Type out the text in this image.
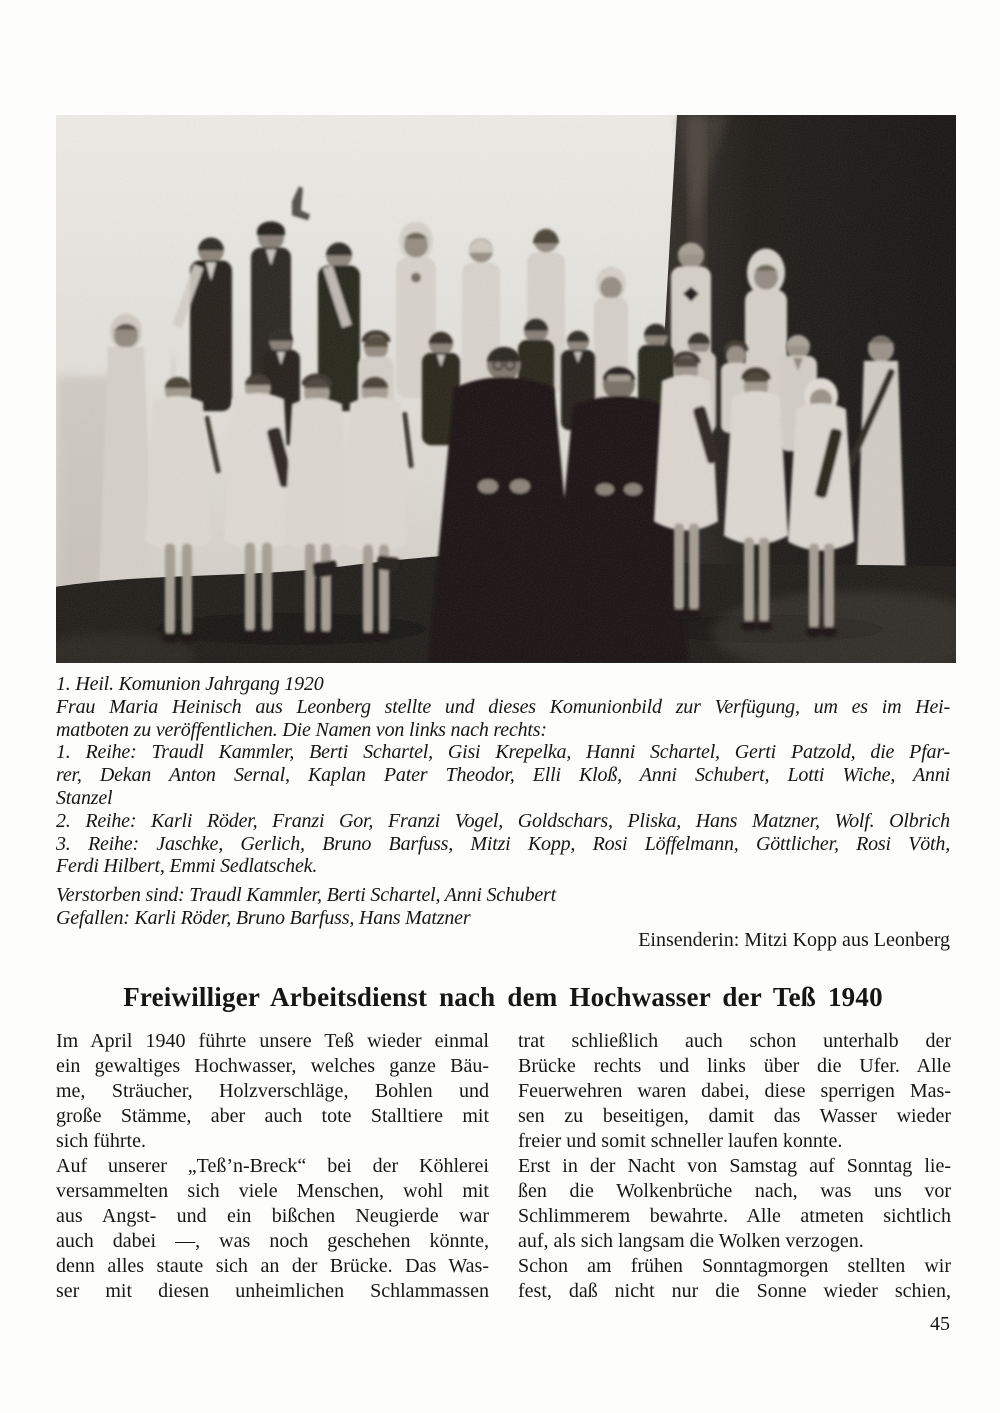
1. Heil. Komunion Jahrgang 1920
Frau Maria Heinisch aus Leonberg stellte und dieses Komunionbild zur Verfügung, um es im Hei-
matboten zu veröffentlichen. Die Namen von links nach rechts:
1. Reihe: Traudl Kammler, Berti Schartel, Gisi Krepelka, Hanni Schartel, Gerti Patzold, die Pfar-
rer, Dekan Anton Sernal, Kaplan Pater Theodor, Elli Kloß, Anni Schubert, Lotti Wiche, Anni
Stanzel
2. Reihe: Karli Röder, Franzi Gor, Franzi Vogel, Goldschars, Pliska, Hans Matzner, Wolf. Olbrich
3. Reihe: Jaschke, Gerlich, Bruno Barfuss, Mitzi Kopp, Rosi Löffelmann, Göttlicher, Rosi Vöth,
Ferdi Hilbert, Emmi Sedlatschek.
Verstorben sind: Traudl Kammler, Berti Schartel, Anni Schubert
Gefallen: Karli Röder, Bruno Barfuss, Hans Matzner
Einsenderin: Mitzi Kopp aus Leonberg
Freiwilliger Arbeitsdienst nach dem Hochwasser der Teß 1940
Im April 1940 führte unsere Teß wieder einmal
ein gewaltiges Hochwasser, welches ganze Bäu-
me, Sträucher, Holzverschläge, Bohlen und
große Stämme, aber auch tote Stalltiere mit
sich führte.
Auf unserer „Teß’n-Breck“ bei der Köhlerei
versammelten sich viele Menschen, wohl mit
aus Angst- und ein bißchen Neugierde war
auch dabei —, was noch geschehen könnte,
denn alles staute sich an der Brücke. Das Was-
ser mit diesen unheimlichen Schlammassen
trat schließlich auch schon unterhalb der
Brücke rechts und links über die Ufer. Alle
Feuerwehren waren dabei, diese sperrigen Mas-
sen zu beseitigen, damit das Wasser wieder
freier und somit schneller laufen konnte.
Erst in der Nacht von Samstag auf Sonntag lie-
ßen die Wolkenbrüche nach, was uns vor
Schlimmerem bewahrte. Alle atmeten sichtlich
auf, als sich langsam die Wolken verzogen.
Schon am frühen Sonntagmorgen stellten wir
fest, daß nicht nur die Sonne wieder schien,
45
